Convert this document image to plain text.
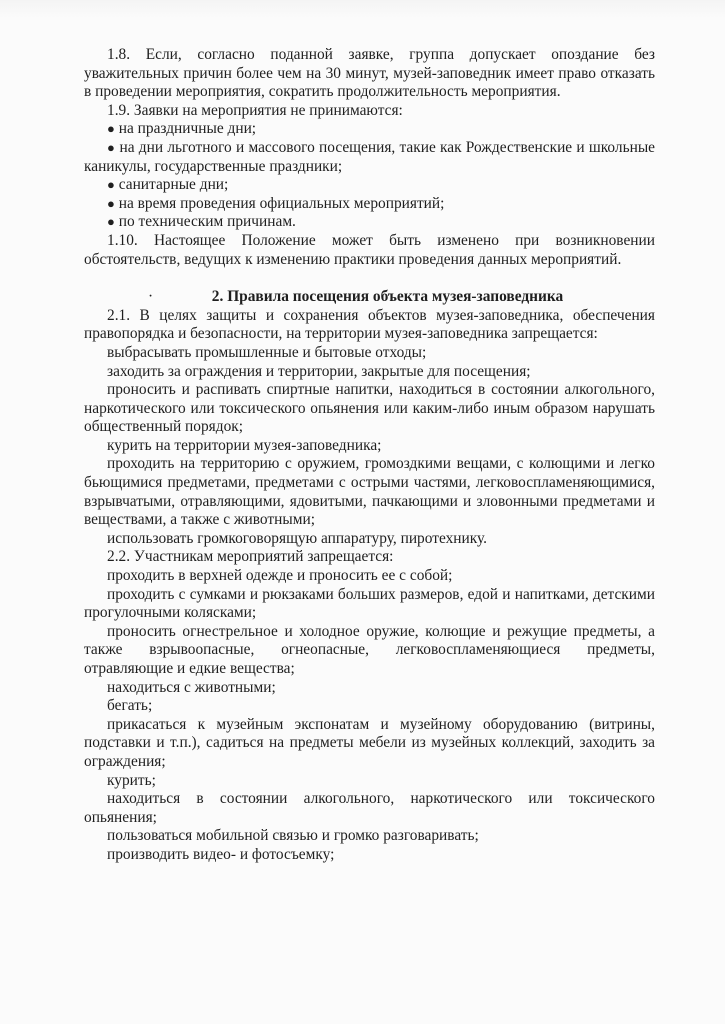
1.8. Если, согласно поданной заявке, группа допускает опоздание без уважительных причин более чем на 30 минут, музей-заповедник имеет право отказать в проведении мероприятия, сократить продолжительность мероприятия.

1.9. Заявки на мероприятия не принимаются:

● на праздничные дни;

● на дни льготного и массового посещения, такие как Рождественские и школьные каникулы, государственные праздники;

● санитарные дни;

● на время проведения официальных мероприятий;

● по техническим причинам.

1.10. Настоящее Положение может быть изменено при возникновении обстоятельств, ведущих к изменению практики проведения данных мероприятий.

·	2. Правила посещения объекта музея-заповедника

2.1. В целях защиты и сохранения объектов музея-заповедника, обеспечения правопорядка и безопасности, на территории музея-заповедника запрещается:

выбрасывать промышленные и бытовые отходы;

заходить за ограждения и территории, закрытые для посещения;

проносить и распивать спиртные напитки, находиться в состоянии алкогольного, наркотического или токсического опьянения или каким-либо иным образом нарушать общественный порядок;

курить на территории музея-заповедника;

проходить на территорию с оружием, громоздкими вещами, с колющими и легко бьющимися предметами, предметами с острыми частями, легковоспламеняющимися, взрывчатыми, отравляющими, ядовитыми, пачкающими и зловонными предметами и веществами, а также с животными;

использовать громкоговорящую аппаратуру, пиротехнику.

2.2. Участникам мероприятий запрещается:

проходить в верхней одежде и проносить ее с собой;

проходить с сумками и рюкзаками больших размеров, едой и напитками, детскими прогулочными колясками;

проносить огнестрельное и холодное оружие, колющие и режущие предметы, а также взрывоопасные, огнеопасные, легковоспламеняющиеся предметы, отравляющие и едкие вещества;

находиться с животными;

бегать;

прикасаться к музейным экспонатам и музейному оборудованию (витрины, подставки и т.п.), садиться на предметы мебели из музейных коллекций, заходить за ограждения;

курить;

находиться в состоянии алкогольного, наркотического или токсического опьянения;

пользоваться мобильной связью и громко разговаривать;

производить видео- и фотосъемку;
